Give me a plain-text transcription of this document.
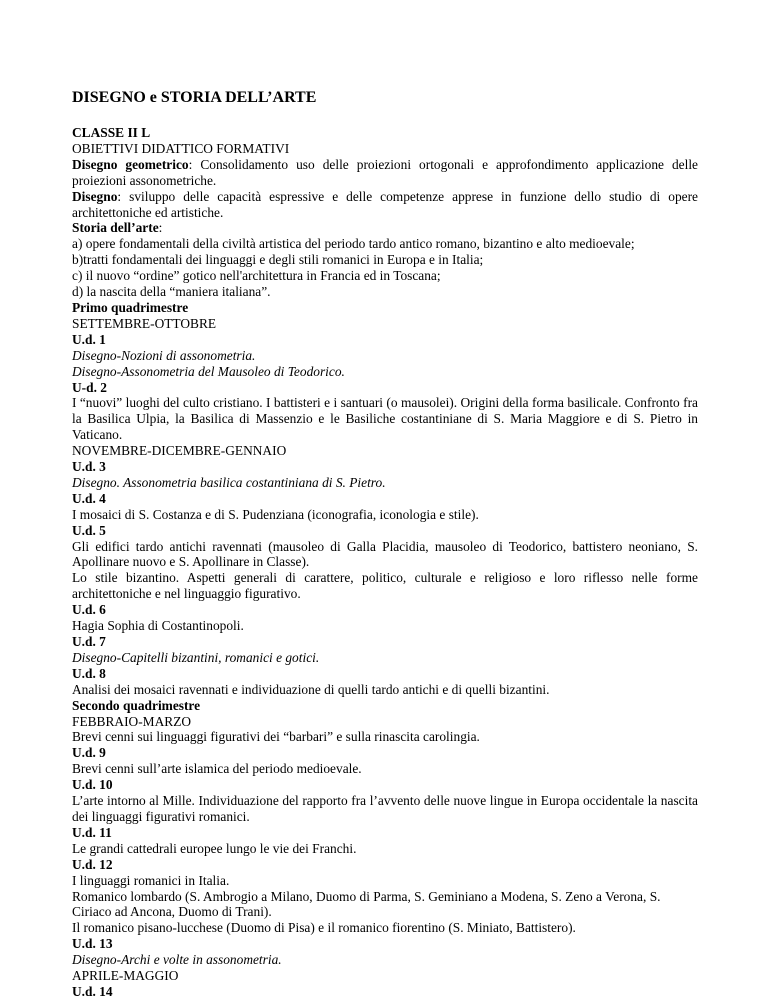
DISEGNO e STORIA DELL’ARTE
CLASSE II L
OBIETTIVI DIDATTICO FORMATIVI
Disegno geometrico: Consolidamento uso delle proiezioni ortogonali e approfondimento applicazione delle proiezioni assonometriche.
Disegno: sviluppo delle capacità espressive e delle competenze apprese in funzione dello studio di opere architettoniche ed artistiche.
Storia dell’arte:
a) opere fondamentali della civiltà artistica del periodo tardo antico romano, bizantino e alto medioevale;
b)tratti fondamentali dei linguaggi e degli stili romanici in Europa e in Italia;
c) il nuovo “ordine” gotico nell'architettura in Francia ed in Toscana;
d) la nascita della “maniera italiana”.
Primo quadrimestre
SETTEMBRE-OTTOBRE
U.d. 1
Disegno-Nozioni di assonometria.
Disegno-Assonometria del Mausoleo di Teodorico.
U-d. 2
I “nuovi” luoghi del culto cristiano. I battisteri e i santuari (o mausolei). Origini della forma basilicale. Confronto fra la Basilica Ulpia, la Basilica di Massenzio e le Basiliche costantiniane di S. Maria Maggiore e di S. Pietro in Vaticano.
NOVEMBRE-DICEMBRE-GENNAIO
U.d. 3
Disegno. Assonometria basilica costantiniana di S. Pietro.
U.d. 4
I mosaici di S. Costanza e di S. Pudenziana (iconografia, iconologia e stile).
U.d. 5
Gli edifici tardo antichi ravennati (mausoleo di Galla Placidia, mausoleo di Teodorico, battistero neoniano, S. Apollinare nuovo e S. Apollinare in Classe).
Lo stile bizantino. Aspetti generali di carattere, politico, culturale e religioso e loro riflesso nelle forme architettoniche e nel linguaggio figurativo.
U.d. 6
Hagia Sophia di Costantinopoli.
U.d. 7
Disegno-Capitelli bizantini, romanici e gotici.
U.d. 8
Analisi dei mosaici ravennati e individuazione di quelli tardo antichi e di quelli bizantini.
Secondo quadrimestre
FEBBRAIO-MARZO
Brevi cenni sui linguaggi figurativi dei “barbari” e sulla rinascita carolingia.
U.d. 9
Brevi cenni sull’arte islamica del periodo medioevale.
U.d. 10
L’arte intorno al Mille. Individuazione del rapporto fra l’avvento delle nuove lingue in Europa occidentale la nascita dei linguaggi figurativi romanici.
U.d. 11
Le grandi cattedrali europee lungo le vie dei Franchi.
U.d. 12
I linguaggi romanici in Italia.
Romanico lombardo (S. Ambrogio a Milano, Duomo di Parma, S. Geminiano a Modena, S. Zeno a Verona, S. Ciriaco ad Ancona, Duomo di Trani).
Il romanico pisano-lucchese (Duomo di Pisa) e il romanico fiorentino (S. Miniato, Battistero).
U.d. 13
Disegno-Archi e volte in assonometria.
APRILE-MAGGIO
U.d. 14
